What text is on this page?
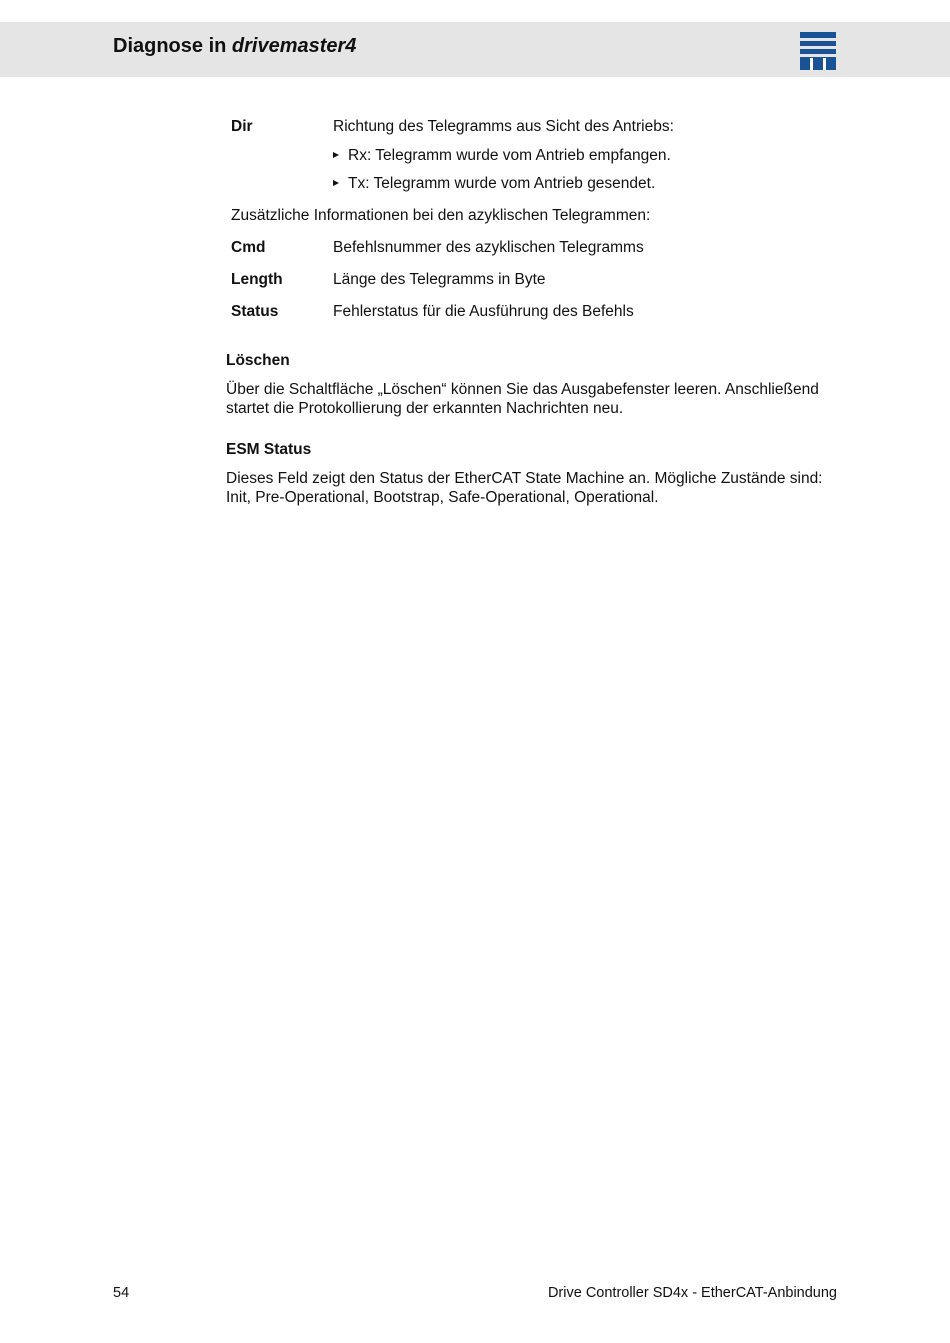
Diagnose in drivemaster4
Dir	Richtung des Telegramms aus Sicht des Antriebs:
Rx: Telegramm wurde vom Antrieb empfangen.
Tx: Telegramm wurde vom Antrieb gesendet.
Zusätzliche Informationen bei den azyklischen Telegrammen:
Cmd	Befehlsnummer des azyklischen Telegramms
Length	Länge des Telegramms in Byte
Status	Fehlerstatus für die Ausführung des Befehls
Löschen
Über die Schaltfläche „Löschen“ können Sie das Ausgabefenster leeren. Anschließend startet die Protokollierung der erkannten Nachrichten neu.
ESM Status
Dieses Feld zeigt den Status der EtherCAT State Machine an. Mögliche Zustände sind: Init, Pre-Operational, Bootstrap, Safe-Operational, Operational.
54	Drive Controller SD4x - EtherCAT-Anbindung
